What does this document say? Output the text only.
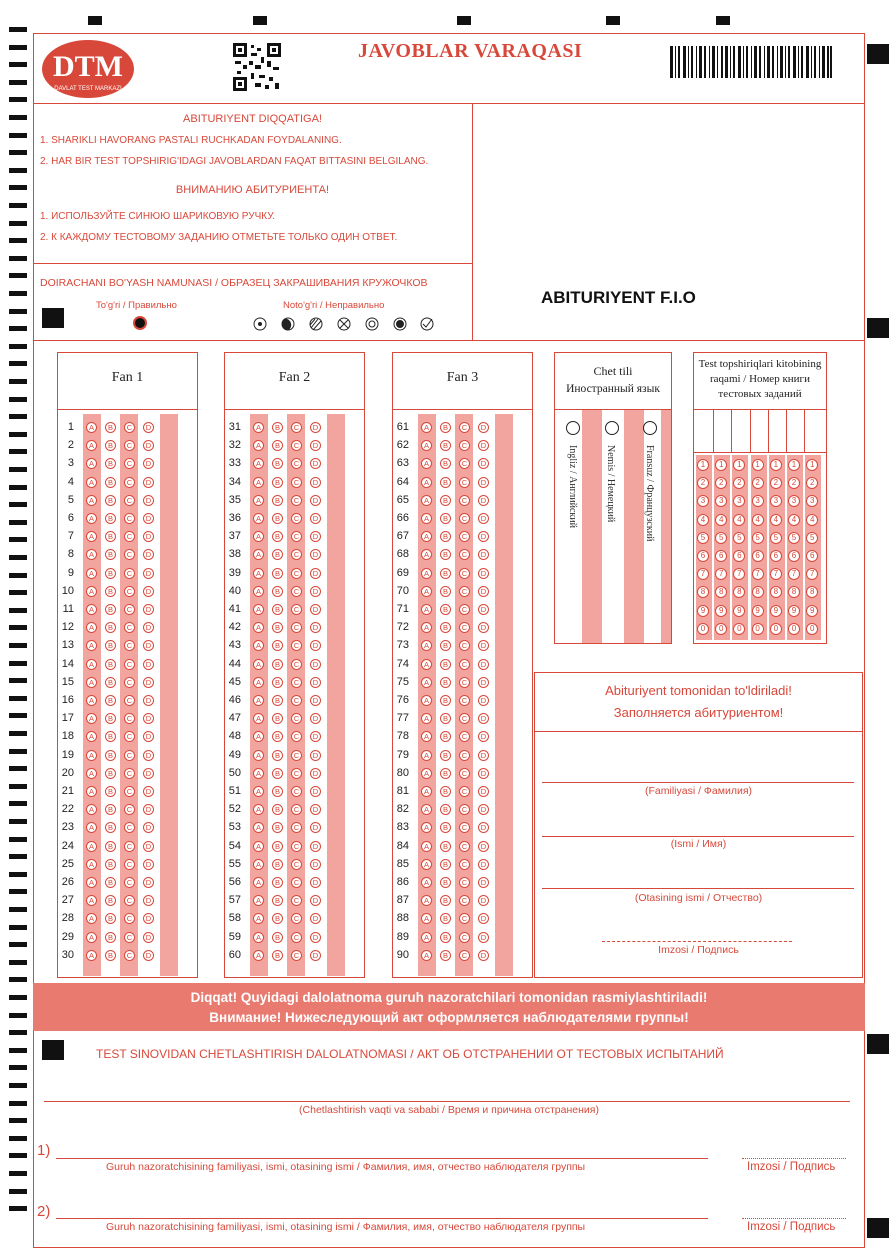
DTM
DAVLAT TEST MARKAZI
JAVOBLAR VARAQASI
ABITURIYENT DIQQATIGA!
1. SHARIKLI HAVORANG PASTALI RUCHKADAN FOYDALANING.
2. HAR BIR TEST TOPSHIRIG'IDAGI JAVOBLARDAN FAQAT BITTASINI BELGILANG.
ВНИМАНИЮ АБИТУРИЕНТА!
1. ИСПОЛЬЗУЙТЕ СИНЮЮ ШАРИКОВУЮ РУЧКУ.
2. К КАЖДОМУ ТЕСТОВОМУ ЗАДАНИЮ ОТМЕТЬТЕ ТОЛЬКО ОДИН ОТВЕТ.
DOIRACHANI BO'YASH NAMUNASI / ОБРАЗЕЦ ЗАКРАШИВАНИЯ КРУЖОЧКОВ
To'g'ri / Правильно	Noto'g'ri / Неправильно	ABITURIYENT F.I.O
1	A	B	C	D
2	A	B	C	D
3	A	B	C	D
4	A	B	C	D
5	A	B	C	D
6	A	B	C	D
7	A	B	C	D
8	A	B	C	D
9	A	B	C	D
10	A	B	C	D
11	A	B	C	D
12	A	B	C	D
13	A	B	C	D
14	A	B	C	D
15	A	B	C	D
16	A	B	C	D
17	A	B	C	D
18	A	B	C	D
19	A	B	C	D
20	A	B	C	D
21	A	B	C	D
22	A	B	C	D
23	A	B	C	D
24	A	B	C	D
25	A	B	C	D
26	A	B	C	D
27	A	B	C	D
28	A	B	C	D
29	A	B	C	D
30	A	B	C	D
31	A	B	C	D
32	A	B	C	D
33	A	B	C	D
34	A	B	C	D
35	A	B	C	D
36	A	B	C	D
37	A	B	C	D
38	A	B	C	D
39	A	B	C	D
40	A	B	C	D
41	A	B	C	D
42	A	B	C	D
43	A	B	C	D
44	A	B	C	D
45	A	B	C	D
46	A	B	C	D
47	A	B	C	D
48	A	B	C	D
49	A	B	C	D
50	A	B	C	D
51	A	B	C	D
52	A	B	C	D
53	A	B	C	D
54	A	B	C	D
55	A	B	C	D
56	A	B	C	D
57	A	B	C	D
58	A	B	C	D
59	A	B	C	D
60	A	B	C	D
61	A	B	C	D
62	A	B	C	D
63	A	B	C	D
64	A	B	C	D
65	A	B	C	D
66	A	B	C	D
67	A	B	C	D
68	A	B	C	D
69	A	B	C	D
70	A	B	C	D
71	A	B	C	D
72	A	B	C	D
73	A	B	C	D
74	A	B	C	D
75	A	B	C	D
76	A	B	C	D
77	A	B	C	D
78	A	B	C	D
79	A	B	C	D
80	A	B	C	D
81	A	B	C	D
82	A	B	C	D
83	A	B	C	D
84	A	B	C	D
85	A	B	C	D
86	A	B	C	D
87	A	B	C	D
88	A	B	C	D
89	A	B	C	D
90	A	B	C	D
Fan 1	Fan 2	Fan 3	Chet tili
Иностранный язык
Ingliz / Английский	Nemis / Немецкий	Fransuz / Французский
Test topshiriqlari kitobining raqami / Номер книги тестовых заданий
1
2
3
4
5
6
7
8
9
0
1
2
3
4
5
6
7
8
9
0
1
2
3
4
5
6
7
8
9
0
1
2
3
4
5
6
7
8
9
0
1
2
3
4
5
6
7
8
9
0
1
2
3
4
5
6
7
8
9
0
1
2
3
4
5
6
7
8
9
0
Abituriyent tomonidan to'ldiriladi!
Заполняется абитуриентом!
(Familiyasi / Фамилия)
(Ismi / Имя)
(Otasining ismi / Отчество)
Imzosi / Подпись
Diqqat! Quyidagi dalolatnoma guruh nazoratchilari tomonidan rasmiylashtiriladi!
Внимание! Нижеследующий акт оформляется наблюдателями группы!
TEST SINOVIDAN CHETLASHTIRISH DALOLATNOMASI / АКТ ОБ ОТСТРАНЕНИИ ОТ ТЕСТОВЫХ ИСПЫТАНИЙ
(Chetlashtirish vaqti va sababi / Время и причина отстранения)
1)
Guruh nazoratchisining familiyasi, ismi, otasining ismi / Фамилия, имя, отчество наблюдателя группы	Imzosi / Подпись
2)
Guruh nazoratchisining familiyasi, ismi, otasining ismi / Фамилия, имя, отчество наблюдателя группы	Imzosi / Подпись
